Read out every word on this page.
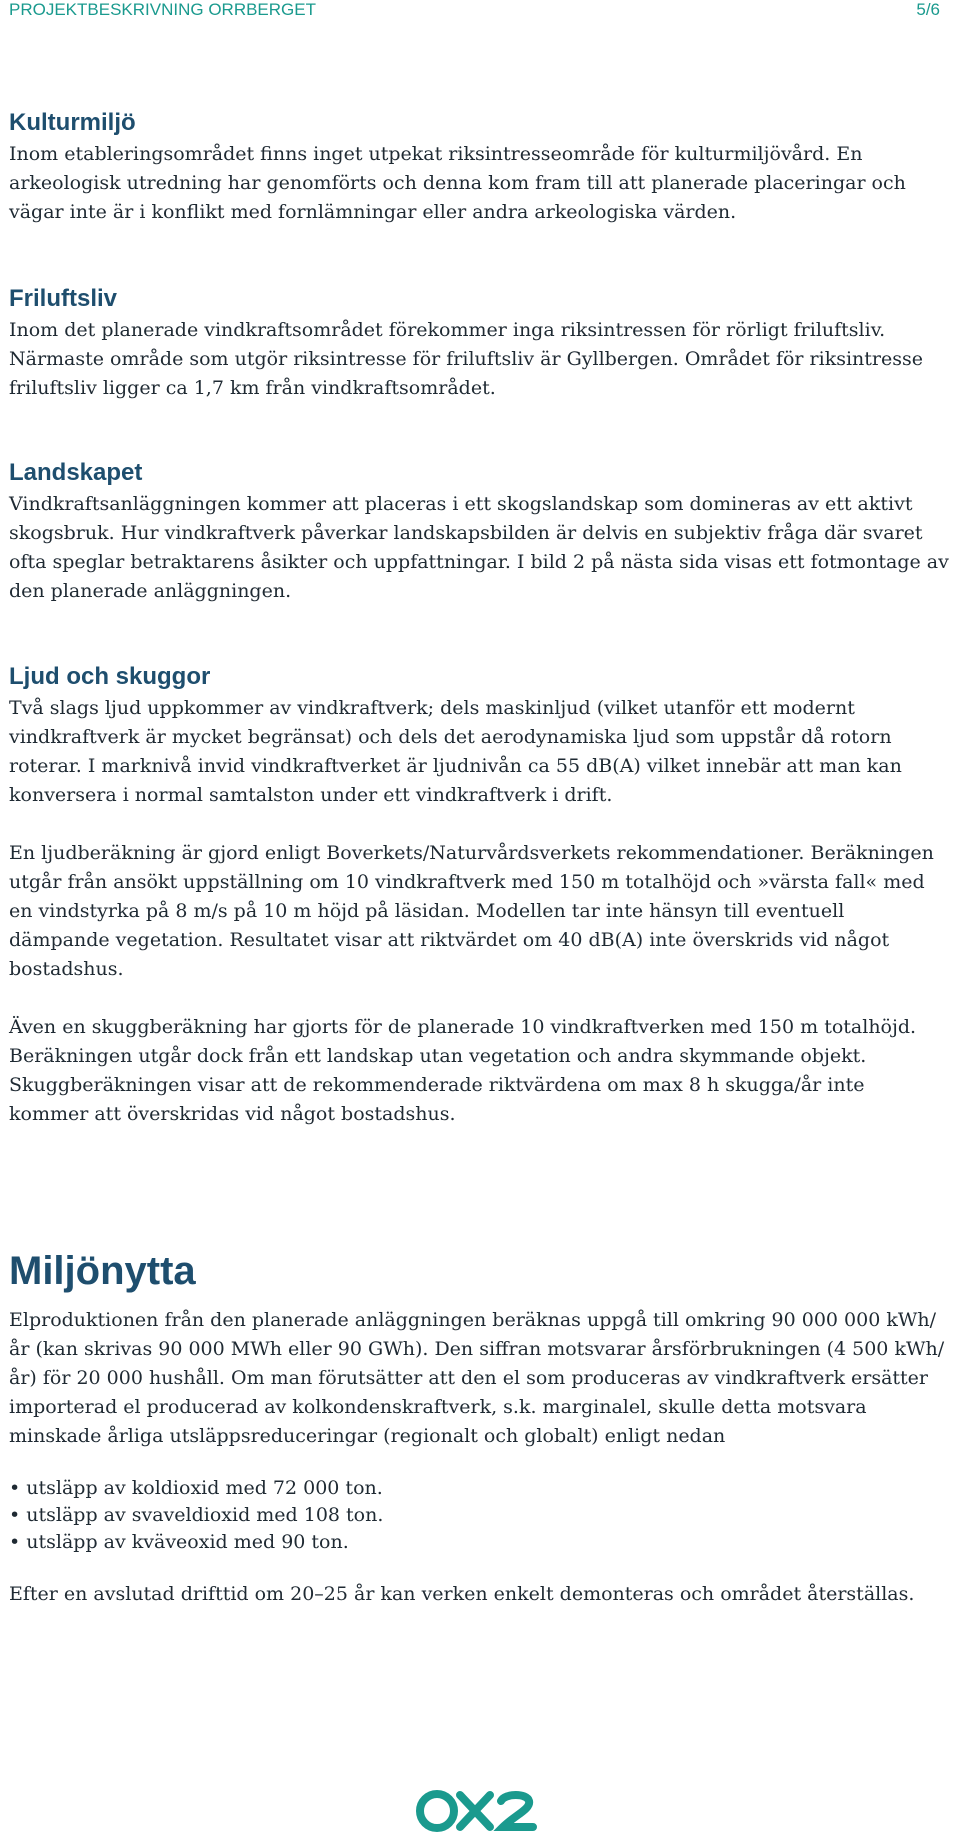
PROJEKTBESKRIVNING ORRBERGET	5/6
Kulturmiljö

Inom etableringsområdet finns inget utpekat riksintresseområde för kulturmiljövård. En arkeologisk utredning har genomförts och denna kom fram till att planerade placeringar och vägar inte är i konflikt med fornlämningar eller andra arkeologiska värden.

Friluftsliv

Inom det planerade vindkraftsområdet förekommer inga riksintressen för rörligt friluftsliv. Närmaste område som utgör riksintresse för friluftsliv är Gyllbergen. Området för riksintresse friluftsliv ligger ca 1,7 km från vindkraftsområdet.

Landskapet

Vindkraftsanläggningen kommer att placeras i ett skogslandskap som domineras av ett aktivt skogsbruk. Hur vindkraftverk påverkar landskapsbilden är delvis en subjektiv fråga där svaret ofta speglar betraktarens åsikter och uppfattningar. I bild 2 på nästa sida visas ett fotmontage av den planerade anläggningen.

Ljud och skuggor

Två slags ljud uppkommer av vindkraftverk; dels maskinljud (vilket utanför ett modernt vindkraftverk är mycket begränsat) och dels det aerodynamiska ljud som uppstår då rotorn roterar. I marknivå invid vindkraftverket är ljudnivån ca 55 dB(A) vilket innebär att man kan konversera i normal samtalston under ett vindkraftverk i drift.

En ljudberäkning är gjord enligt Boverkets/Naturvårdsverkets rekommendationer. Beräkningen utgår från ansökt uppställning om 10 vindkraftverk med 150 m totalhöjd och »värsta fall« med en vindstyrka på 8 m/s på 10 m höjd på läsidan. Modellen tar inte hänsyn till eventuell dämpande vegetation. Resultatet visar att riktvärdet om 40 dB(A) inte överskrids vid något bostadshus.

Även en skuggberäkning har gjorts för de planerade 10 vindkraftverken med 150 m totalhöjd. Beräkningen utgår dock från ett landskap utan vegetation och andra skymmande objekt. Skuggberäkningen visar att de rekommenderade riktvärdena om max 8 h skugga/år inte kommer att överskridas vid något bostadshus.

Miljönytta

Elproduktionen från den planerade anläggningen beräknas uppgå till omkring 90 000 000 kWh/år (kan skrivas 90 000 MWh eller 90 GWh). Den siffran motsvarar årsförbrukningen (4 500 kWh/år) för 20 000 hushåll. Om man förutsätter att den el som produceras av vindkraftverk ersätter importerad el producerad av kolkondenskraftverk, s.k. marginalel, skulle detta motsvara minskade årliga utsläppsreduceringar (regionalt och globalt) enligt nedan

• utsläpp av koldioxid med 72 000 ton.
• utsläpp av svaveldioxid med 108 ton.
• utsläpp av kväveoxid med 90 ton.

Efter en avslutad drifttid om 20–25 år kan verken enkelt demonteras och området återställas.
